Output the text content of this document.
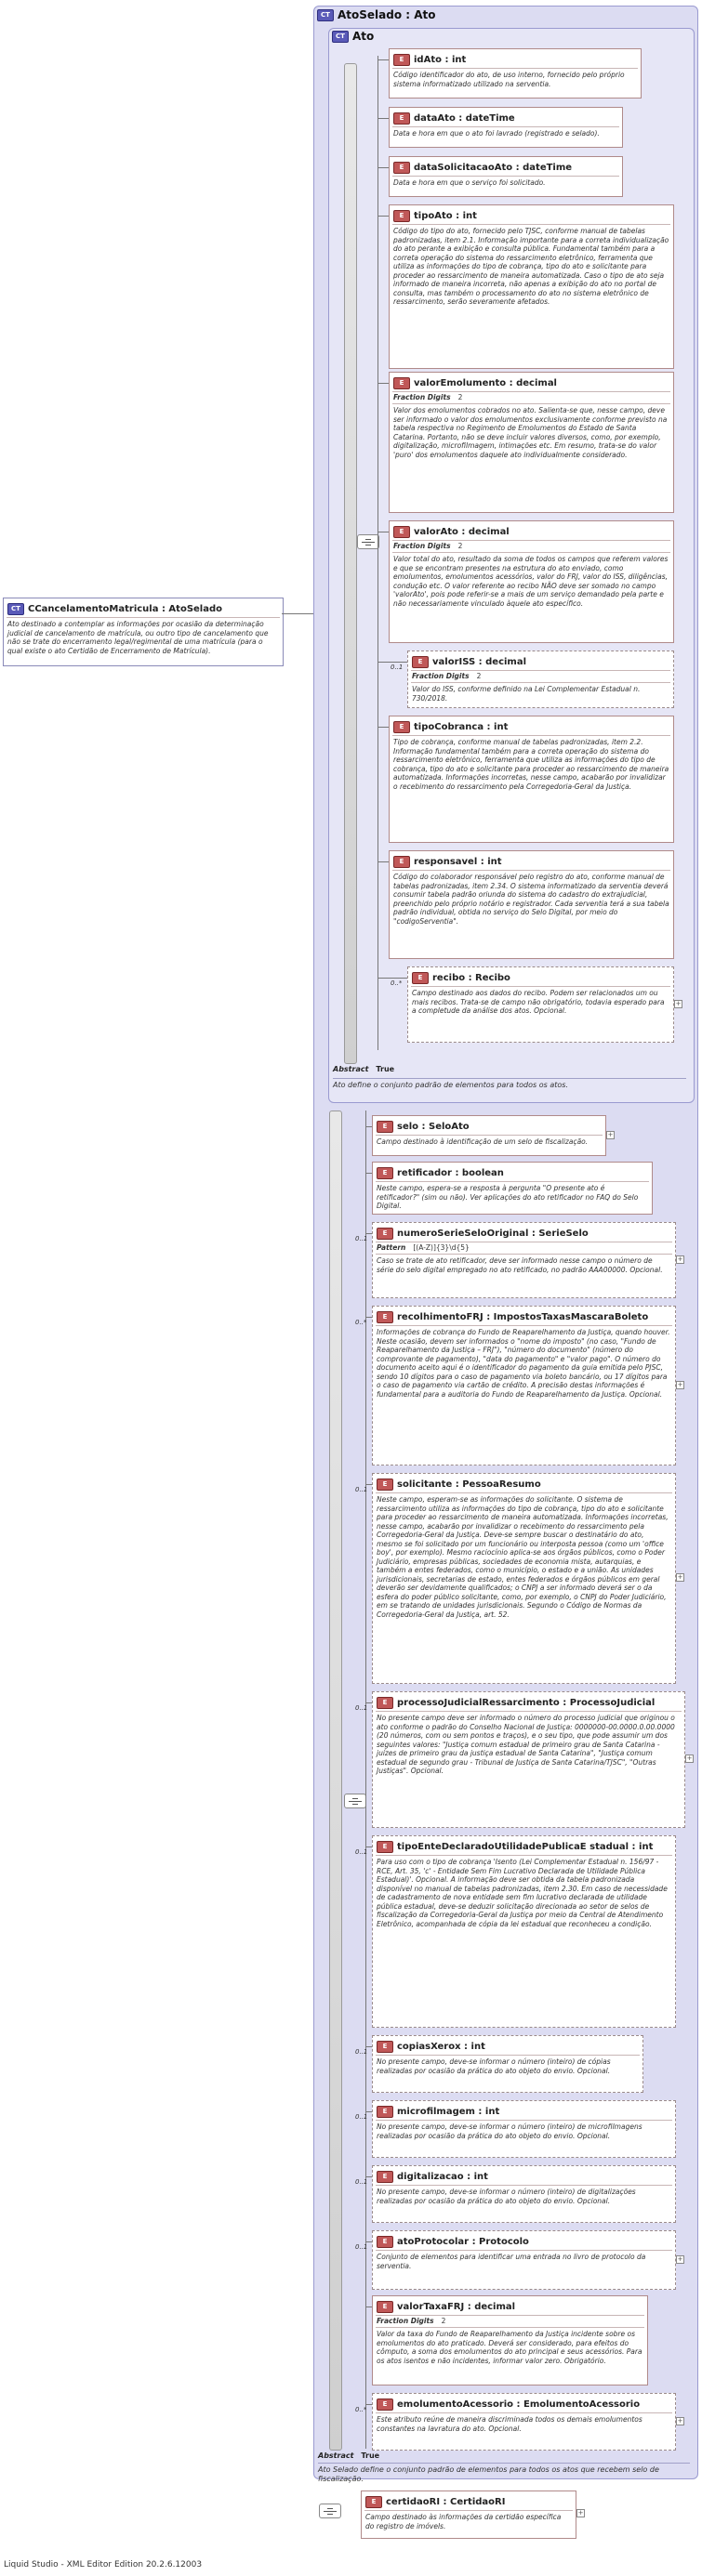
CT CCancelamentoMatricula : AtoSelado
Ato destinado a contemplar as informações por ocasião da determinação judicial de cancelamento de matrícula, ou outro tipo de cancelamento que não se trate do encerramento legal/regimental de uma matrícula (para o qual existe o ato Certidão de Encerramento de Matrícula).
CT AtoSelado : Ato
CT Ato
E	idAto : int
Código identificador do ato, de uso interno, fornecido pelo próprio sistema informatizado utilizado na serventia.
E	dataAto : dateTime
Data e hora em que o ato foi lavrado (registrado e selado).
E	dataSolicitacaoAto : dateTime
Data e hora em que o serviço foi solicitado.
E	tipoAto : int
Código do tipo do ato, fornecido pelo TJSC, conforme manual de tabelas padronizadas, item 2.1. Informação importante para a correta individualização do ato perante a exibição e consulta pública. Fundamental também para a correta operação do sistema do ressarcimento eletrônico, ferramenta que utiliza as informações do tipo de cobrança, tipo do ato e solicitante para proceder ao ressarcimento de maneira automatizada. Caso o tipo de ato seja informado de maneira incorreta, não apenas a exibição do ato no portal de consulta, mas também o processamento do ato no sistema eletrônico de ressarcimento, serão severamente afetados.
E	valorEmolumento : decimal
Fraction Digits 2
Valor dos emolumentos cobrados no ato. Salienta-se que, nesse campo, deve ser informado o valor dos emolumentos exclusivamente conforme previsto na tabela respectiva no Regimento de Emolumentos do Estado de Santa Catarina. Portanto, não se deve incluir valores diversos, como, por exemplo, digitalização, microfilmagem, intimações etc. Em resumo, trata-se do valor 'puro' dos emolumentos daquele ato individualmente considerado.
E	valorAto : decimal
Fraction Digits 2
Valor total do ato, resultado da soma de todos os campos que referem valores e que se encontram presentes na estrutura do ato enviado, como emolumentos, emolumentos acessórios, valor do FRJ, valor do ISS, diligências, condução etc. O valor referente ao recibo NÃO deve ser somado no campo 'valorAto', pois pode referir-se a mais de um serviço demandado pela parte e não necessariamente vinculado àquele ato específico.
E	valorISS : decimal
Fraction Digits 2
Valor do ISS, conforme definido na Lei Complementar Estadual n. 730/2018.
0..1
E	tipoCobranca : int
Tipo de cobrança, conforme manual de tabelas padronizadas, item 2.2. Informação fundamental também para a correta operação do sistema do ressarcimento eletrônico, ferramenta que utiliza as informações do tipo de cobrança, tipo do ato e solicitante para proceder ao ressarcimento de maneira automatizada. Informações incorretas, nesse campo, acabarão por invalidizar o recebimento do ressarcimento pela Corregedoria-Geral da Justiça.
E	responsavel : int
Código do colaborador responsável pelo registro do ato, conforme manual de tabelas padronizadas, item 2.34. O sistema informatizado da serventia deverá consumir tabela padrão oriunda do sistema do cadastro do extrajudicial, preenchido pelo próprio notário e registrador. Cada serventia terá a sua tabela padrão individual, obtida no serviço do Selo Digital, por meio do "codigoServentia".
E	recibo : Recibo
Campo destinado aos dados do recibo. Podem ser relacionados um ou mais recibos. Trata-se de campo não obrigatório, todavia esperado para a completude da análise dos atos. Opcional.
0..*
+
Abstract True
Ato define o conjunto padrão de elementos para todos os atos.
E	selo : SeloAto
Campo destinado à identificação de um selo de fiscalização.
+
E	retificador : boolean
Neste campo, espera-se a resposta à pergunta "O presente ato é retificador?" (sim ou não). Ver aplicações do ato retificador no FAQ do Selo Digital.
E	numeroSerieSeloOriginal : SerieSelo
Pattern [(A-Z)]{3}\d{5}
Caso se trate de ato retificador, deve ser informado nesse campo o número de série do selo digital empregado no ato retificado, no padrão AAA00000. Opcional.
0..1
+
E	recolhimentoFRJ : ImpostosTaxasMascaraBoleto
Informações de cobrança do Fundo de Reaparelhamento da Justiça, quando houver. Neste ocasião, devem ser informados o "nome do imposto" (no caso, "Fundo de Reaparelhamento da Justiça – FRJ"), "número do documento" (número do comprovante de pagamento), "data do pagamento" e "valor pago". O número do documento aceito aqui é o identificador do pagamento da guia emitida pelo PJSC, sendo 10 dígitos para o caso de pagamento via boleto bancário, ou 17 dígitos para o caso de pagamento via cartão de crédito. A precisão destas informações é fundamental para a auditoria do Fundo de Reaparelhamento da Justiça. Opcional.
0..*
+
E	solicitante : PessoaResumo
Neste campo, esperam-se as informações do solicitante. O sistema de ressarcimento utiliza as informações do tipo de cobrança, tipo do ato e solicitante para proceder ao ressarcimento de maneira automatizada. Informações incorretas, nesse campo, acabarão por invalidizar o recebimento do ressarcimento pela Corregedoria-Geral da Justiça. Deve-se sempre buscar o destinatário do ato, mesmo se foi solicitado por um funcionário ou interposta pessoa (como um 'office boy', por exemplo). Mesmo raciocínio aplica-se aos órgãos públicos, como o Poder Judiciário, empresas públicas, sociedades de economia mista, autarquias, e também a entes federados, como o município, o estado e a união. As unidades jurisdicionais, secretarias de estado, entes federados e órgãos públicos em geral deverão ser devidamente qualificados; o CNPJ a ser informado deverá ser o da esfera do poder público solicitante, como, por exemplo, o CNPJ do Poder Judiciário, em se tratando de unidades jurisdicionais. Segundo o Código de Normas da Corregedoria-Geral da Justiça, art. 52.
0..1
+
E	processoJudicialRessarcimento : ProcessoJudicial
No presente campo deve ser informado o número do processo judicial que originou o ato conforme o padrão do Conselho Nacional de Justiça: 0000000-00.0000.0.00.0000 (20 números, com ou sem pontos e traços), e o seu tipo, que pode assumir um dos seguintes valores: "Justiça comum estadual de primeiro grau de Santa Catarina - juízes de primeiro grau da justiça estadual de Santa Catarina", "Justiça comum estadual de segundo grau - Tribunal de Justiça de Santa Catarina/TJSC", "Outras Justiças". Opcional.
0..1
+
E	tipoEnteDeclaradoUtilidadePublicaE stadual : int
Para uso com o tipo de cobrança 'Isento (Lei Complementar Estadual n. 156/97 - RCE, Art. 35, 'c' - Entidade Sem Fim Lucrativo Declarada de Utilidade Pública Estadual)'. Opcional. A informação deve ser obtida da tabela padronizada disponível no manual de tabelas padronizadas, item 2.30. Em caso de necessidade de cadastramento de nova entidade sem fim lucrativo declarada de utilidade pública estadual, deve-se deduzir solicitação direcionada ao setor de selos de fiscalização da Corregedoria-Geral da Justiça por meio da Central de Atendimento Eletrônico, acompanhada de cópia da lei estadual que reconheceu a condição.
0..1
E	copiasXerox : int
No presente campo, deve-se informar o número (inteiro) de cópias realizadas por ocasião da prática do ato objeto do envio. Opcional.
0..1
E	microfilmagem : int
No presente campo, deve-se informar o número (inteiro) de microfilmagens realizadas por ocasião da prática do ato objeto do envio. Opcional.
0..1
E	digitalizacao : int
No presente campo, deve-se informar o número (inteiro) de digitalizações realizadas por ocasião da prática do ato objeto do envio. Opcional.
0..1
E	atoProtocolar : Protocolo
Conjunto de elementos para identificar uma entrada no livro de protocolo da serventia.
0..1
+
E	valorTaxaFRJ : decimal
Fraction Digits 2
Valor da taxa do Fundo de Reaparelhamento da Justiça incidente sobre os emolumentos do ato praticado. Deverá ser considerado, para efeitos do cômputo, a soma dos emolumentos do ato principal e seus acessórios. Para os atos isentos e não incidentes, informar valor zero. Obrigatório.
E	emolumentoAcessorio : EmolumentoAcessorio
Este atributo reúne de maneira discriminada todos os demais emolumentos constantes na lavratura do ato. Opcional.
0..*
+
Abstract True
Ato Selado define o conjunto padrão de elementos para todos os atos que recebem selo de fiscalização.
E	certidaoRI : CertidaoRI
Campo destinado às informações da certidão específica do registro de imóvels.
+
Liquid Studio - XML Editor Edition 20.2.6.12003
